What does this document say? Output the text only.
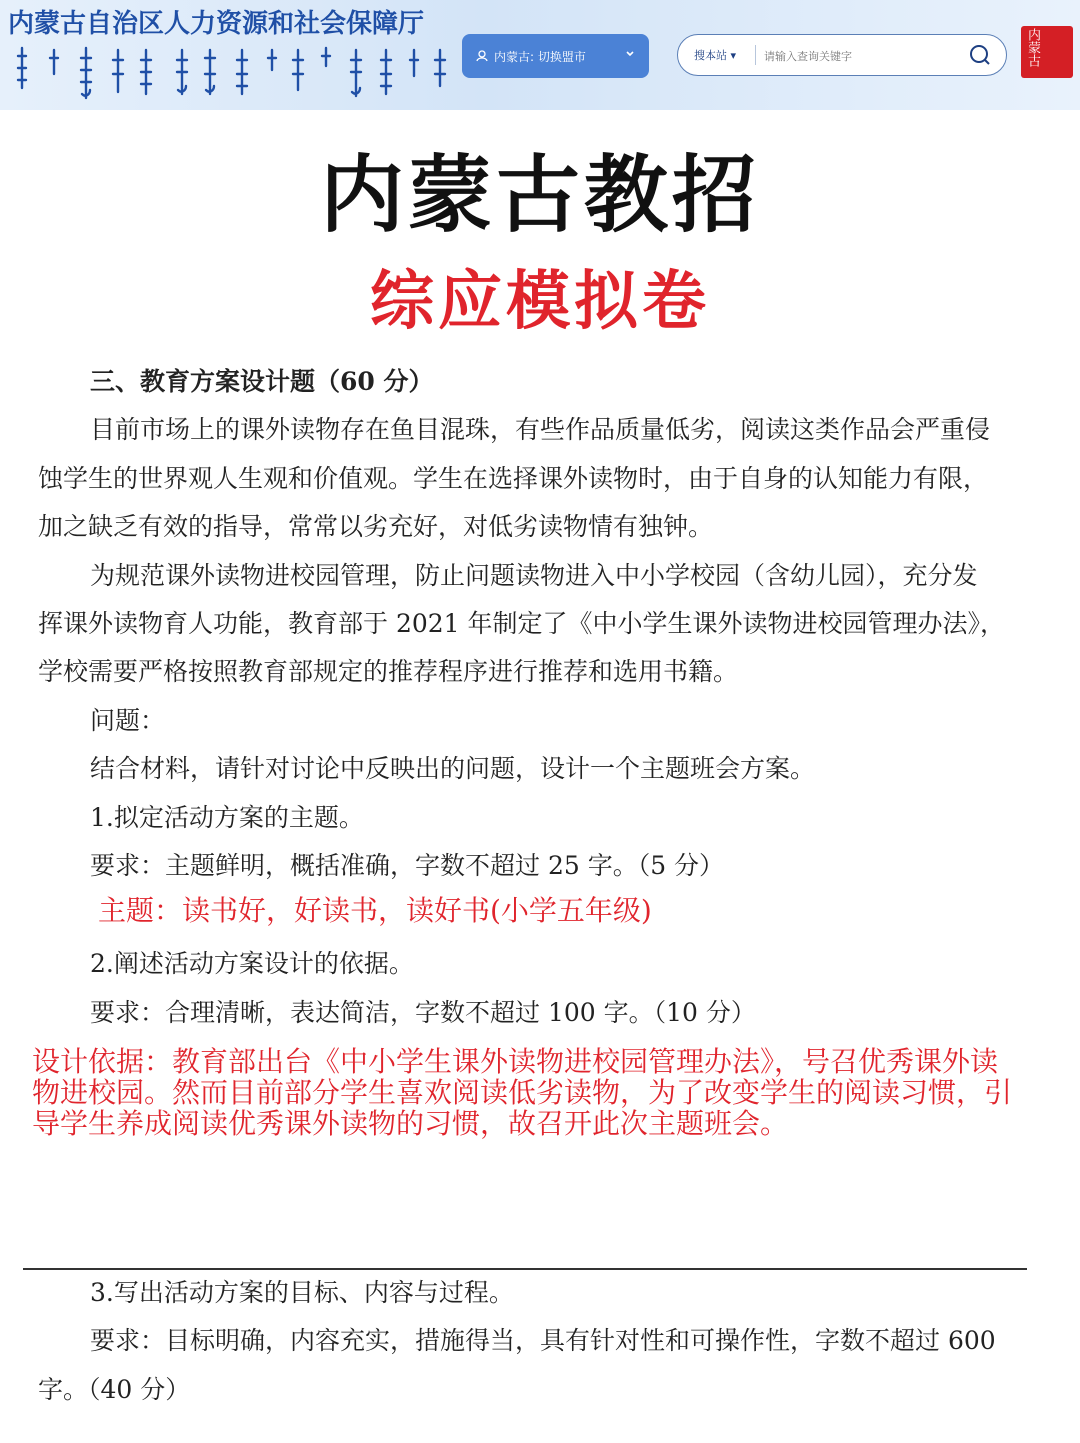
内蒙古自治区人力资源和社会保障厅
内蒙古: 切换盟市	搜本站 ▾
请输入查询关键字	内蒙古
内蒙古教招
综应模拟卷
三、教育方案设计题（60 分）
目前市场上的课外读物存在鱼目混珠，有些作品质量低劣，阅读这类作品会严重侵
蚀学生的世界观人生观和价值观。学生在选择课外读物时，由于自身的认知能力有限，
加之缺乏有效的指导，常常以劣充好，对低劣读物情有独钟。
为规范课外读物进校园管理，防止问题读物进入中小学校园（含幼儿园），充分发
挥课外读物育人功能，教育部于 2021 年制定了《中小学生课外读物进校园管理办法》，
学校需要严格按照教育部规定的推荐程序进行推荐和选用书籍。
问题：
结合材料，请针对讨论中反映出的问题，设计一个主题班会方案。
1.拟定活动方案的主题。
要求：主题鲜明，概括准确，字数不超过 25 字。（5 分）
主题：读书好，好读书，读好书(小学五年级)
2.阐述活动方案设计的依据。
要求：合理清晰，表达简洁，字数不超过 100 字。（10 分）
设计依据：教育部出台《中小学生课外读物进校园管理办法》，号召优秀课外读物进校园。然而目前部分学生喜欢阅读低劣读物，为了改变学生的阅读习惯，引导学生养成阅读优秀课外读物的习惯，故召开此次主题班会。
3.写出活动方案的目标、内容与过程。
要求：目标明确，内容充实，措施得当，具有针对性和可操作性，字数不超过 600
字。（40 分）
